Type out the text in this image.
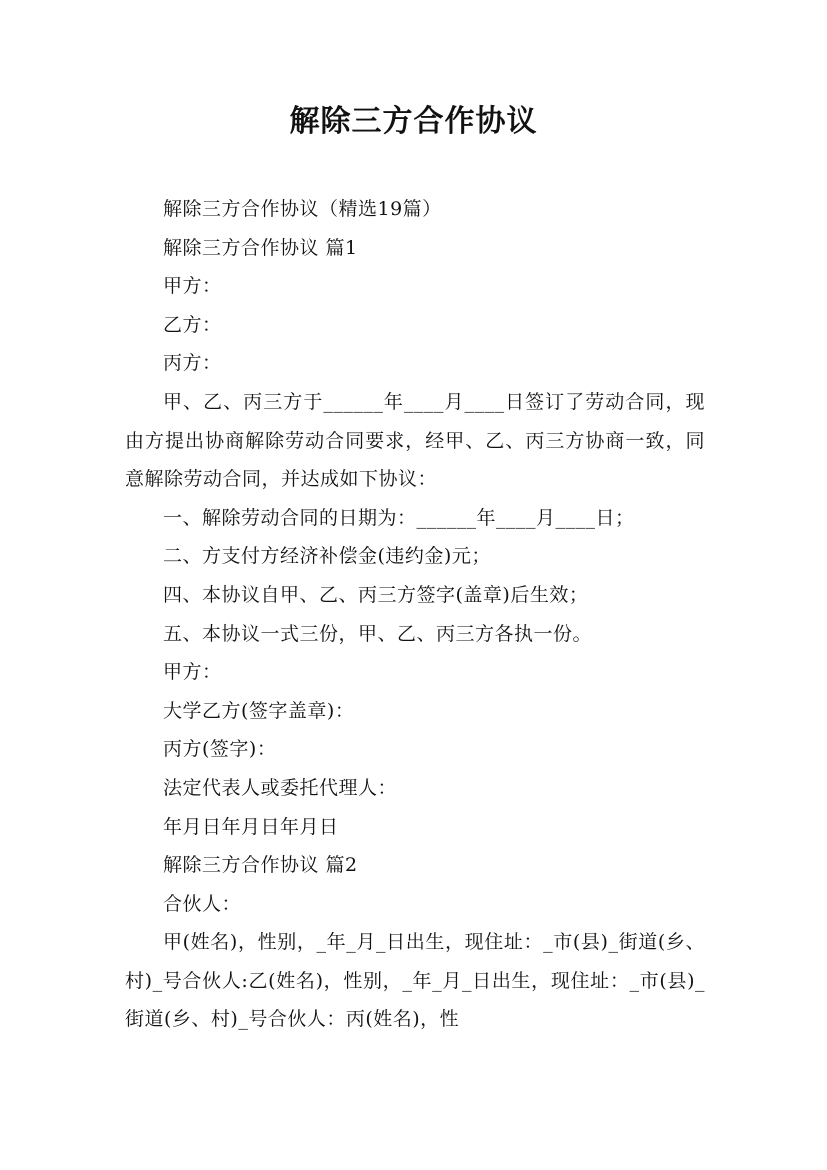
解除三方合作协议

解除三方合作协议（精选19篇）

解除三方合作协议 篇1

甲方：

乙方：

丙方：

甲、乙、丙三方于______年____月____日签订了劳动合同，现由方提出协商解除劳动合同要求，经甲、乙、丙三方协商一致，同意解除劳动合同，并达成如下协议：

一、解除劳动合同的日期为：______年____月____日；

二、方支付方经济补偿金(违约金)元；

四、本协议自甲、乙、丙三方签字(盖章)后生效；

五、本协议一式三份，甲、乙、丙三方各执一份。

甲方：

大学乙方(签字盖章)：

丙方(签字)：

法定代表人或委托代理人：

年月日年月日年月日

解除三方合作协议 篇2

合伙人：

甲(姓名)，性别，_年_月_日出生，现住址：_市(县)_街道(乡、村)_号合伙人:乙(姓名)，性别，_年_月_日出生，现住址：_市(县)_街道(乡、村)_号合伙人：丙(姓名)，性
